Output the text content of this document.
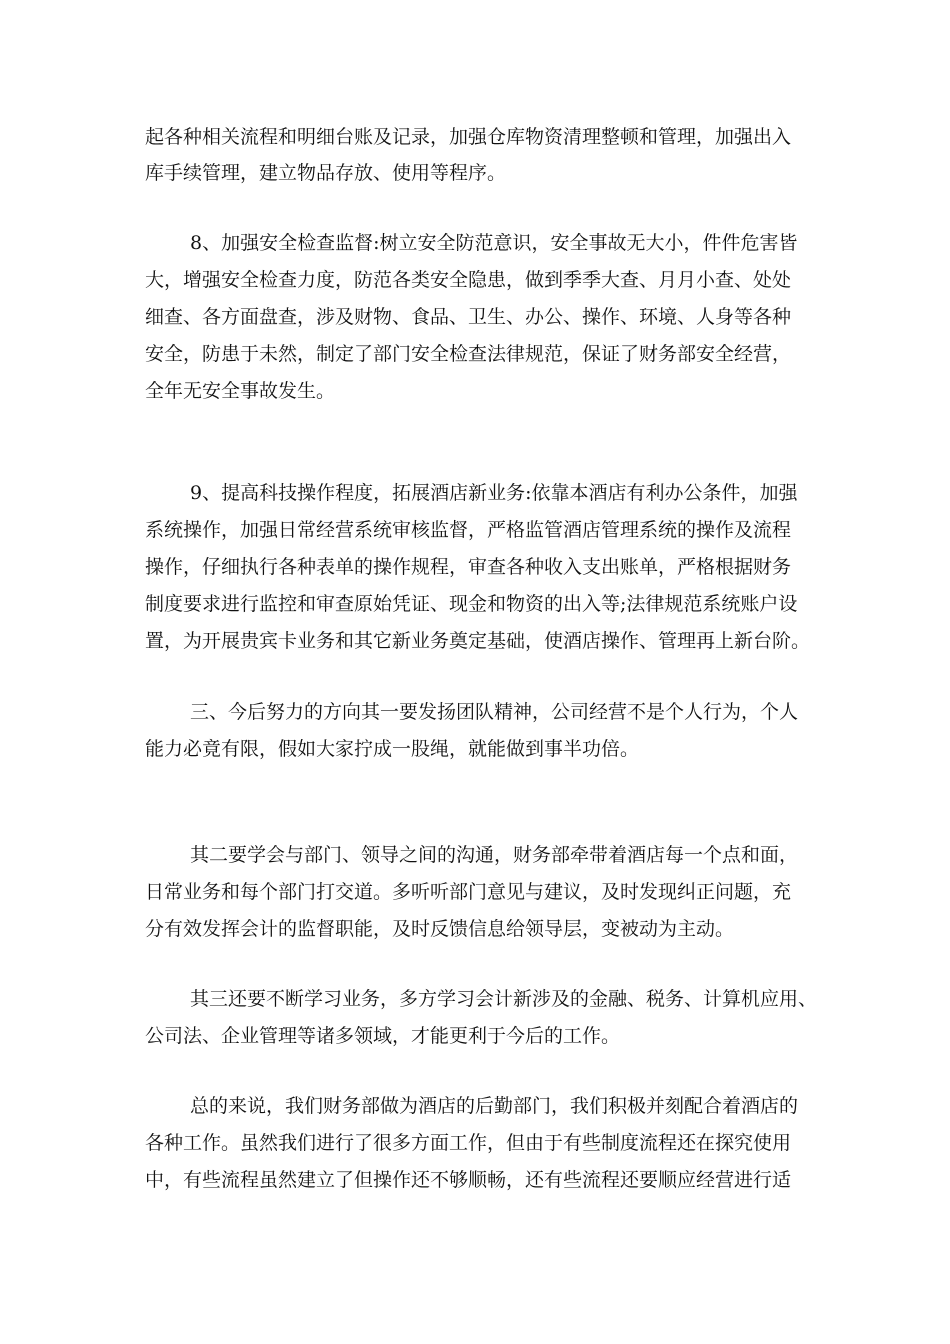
起各种相关流程和明细台账及记录，加强仓库物资清理整顿和管理，加强出入
库手续管理，建立物品存放、使用等程序。
8、加强安全检查监督:树立安全防范意识，安全事故无大小，件件危害皆
大，增强安全检查力度，防范各类安全隐患，做到季季大查、月月小查、处处
细查、各方面盘查，涉及财物、食品、卫生、办公、操作、环境、人身等各种
安全，防患于未然，制定了部门安全检查法律规范，保证了财务部安全经营，
全年无安全事故发生。
9、提高科技操作程度，拓展酒店新业务:依靠本酒店有利办公条件，加强
系统操作，加强日常经营系统审核监督，严格监管酒店管理系统的操作及流程
操作，仔细执行各种表单的操作规程，审查各种收入支出账单，严格根据财务
制度要求进行监控和审查原始凭证、现金和物资的出入等;法律规范系统账户设
置，为开展贵宾卡业务和其它新业务奠定基础，使酒店操作、管理再上新台阶。
三、今后努力的方向其一要发扬团队精神，公司经营不是个人行为，个人
能力必竟有限，假如大家拧成一股绳，就能做到事半功倍。
其二要学会与部门、领导之间的沟通，财务部牵带着酒店每一个点和面，
日常业务和每个部门打交道。多听听部门意见与建议，及时发现纠正问题，充
分有效发挥会计的监督职能，及时反馈信息给领导层，变被动为主动。
其三还要不断学习业务，多方学习会计新涉及的金融、税务、计算机应用、
公司法、企业管理等诸多领域，才能更利于今后的工作。
总的来说，我们财务部做为酒店的后勤部门，我们积极并刻配合着酒店的
各种工作。虽然我们进行了很多方面工作，但由于有些制度流程还在探究使用
中，有些流程虽然建立了但操作还不够顺畅，还有些流程还要顺应经营进行适
